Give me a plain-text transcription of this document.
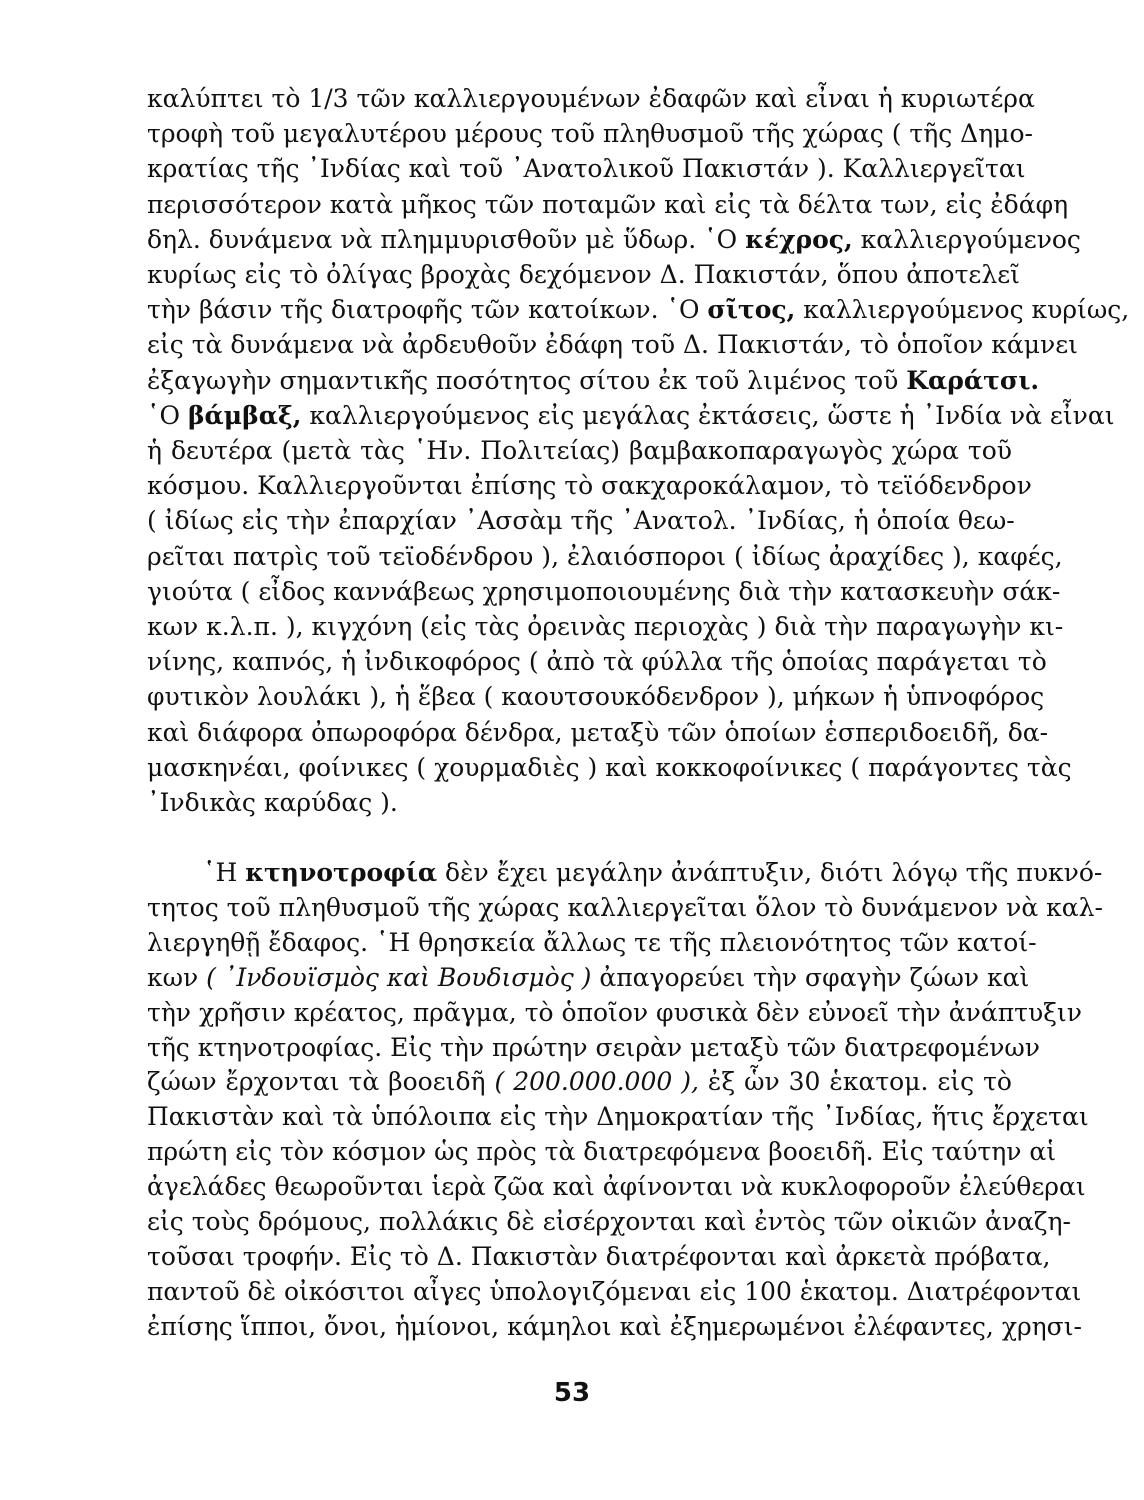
καλύπτει τὸ 1/3 τῶν καλλιεργουμένων ἐδαφῶν καὶ εἶναι ἡ κυριωτέρα
τροφὴ τοῦ μεγαλυτέρου μέρους τοῦ πληθυσμοῦ τῆς χώρας ( τῆς Δημο-
κρατίας τῆς ᾿Ινδίας καὶ τοῦ ᾿Ανατολικοῦ Πακιστάν ). Καλλιεργεῖται
περισσότερον κατὰ μῆκος τῶν ποταμῶν καὶ εἰς τὰ δέλτα των, εἰς ἐδάφη
δηλ. δυνάμενα νὰ πλημμυρισθοῦν μὲ ὕδωρ. ῾Ο κέχρος, καλλιεργούμενος
κυρίως εἰς τὸ ὀλίγας βροχὰς δεχόμενον Δ. Πακιστάν, ὅπου ἀποτελεῖ
τὴν βάσιν τῆς διατροφῆς τῶν κατοίκων. ῾Ο σῖτος, καλλιεργούμενος κυρίως,
εἰς τὰ δυνάμενα νὰ ἀρδευθοῦν ἐδάφη τοῦ Δ. Πακιστάν, τὸ ὁποῖον κάμνει
ἐξαγωγὴν σημαντικῆς ποσότητος σίτου ἐκ τοῦ λιμένος τοῦ Καράτσι.
῾Ο βάμβαξ, καλλιεργούμενος εἰς μεγάλας ἐκτάσεις, ὥστε ἡ ᾿Ινδία νὰ εἶναι
ἡ δευτέρα (μετὰ τὰς ῾Ην. Πολιτείας) βαμβακοπαραγωγὸς χώρα τοῦ
κόσμου. Καλλιεργοῦνται ἐπίσης τὸ σακχαροκάλαμον, τὸ τεϊόδενδρον
( ἰδίως εἰς τὴν ἐπαρχίαν ᾿Ασσὰμ τῆς ᾿Ανατολ. ᾿Ινδίας, ἡ ὁποία θεω-
ρεῖται πατρὶς τοῦ τεϊοδένδρου ), ἐλαιόσποροι ( ἰδίως ἀραχίδες ), καφές,
γιούτα ( εἶδος καννάβεως χρησιμοποιουμένης διὰ τὴν κατασκευὴν σάκ-
κων κ.λ.π. ), κιγχόνη (εἰς τὰς ὀρεινὰς περιοχὰς ) διὰ τὴν παραγωγὴν κι-
νίνης, καπνός, ἡ ἰνδικοφόρος ( ἀπὸ τὰ φύλλα τῆς ὁποίας παράγεται τὸ
φυτικὸν λουλάκι ), ἡ ἕβεα ( καουτσουκόδενδρον ), μήκων ἡ ὑπνοφόρος
καὶ διάφορα ὀπωροφόρα δένδρα, μεταξὺ τῶν ὁποίων ἑσπεριδοειδῆ, δα-
μασκηνέαι, φοίνικες ( χουρμαδιὲς ) καὶ κοκκοφοίνικες ( παράγοντες τὰς
᾿Ινδικὰς καρύδας ).
῾Η κτηνοτροφία δὲν ἔχει μεγάλην ἀνάπτυξιν, διότι λόγῳ τῆς πυκνό-
τητος τοῦ πληθυσμοῦ τῆς χώρας καλλιεργεῖται ὅλον τὸ δυνάμενον νὰ καλ-
λιεργηθῇ ἔδαφος. ῾Η θρησκεία ἄλλως τε τῆς πλειονότητος τῶν κατοί-
κων ( ᾿Ινδουϊσμὸς καὶ Βουδισμὸς ) ἀπαγορεύει τὴν σφαγὴν ζώων καὶ
τὴν χρῆσιν κρέατος, πρᾶγμα, τὸ ὁποῖον φυσικὰ δὲν εὐνοεῖ τὴν ἀνάπτυξιν
τῆς κτηνοτροφίας. Εἰς τὴν πρώτην σειρὰν μεταξὺ τῶν διατρεφομένων
ζώων ἔρχονται τὰ βοοειδῆ ( 200.000.000 ), ἐξ ὧν 30 ἑκατομ. εἰς τὸ
Πακιστὰν καὶ τὰ ὑπόλοιπα εἰς τὴν Δημοκρατίαν τῆς ᾿Ινδίας, ἥτις ἔρχεται
πρώτη εἰς τὸν κόσμον ὡς πρὸς τὰ διατρεφόμενα βοοειδῆ. Εἰς ταύτην αἱ
ἀγελάδες θεωροῦνται ἱερὰ ζῶα καὶ ἀφίνονται νὰ κυκλοφοροῦν ἐλεύθεραι
εἰς τοὺς δρόμους, πολλάκις δὲ εἰσέρχονται καὶ ἐντὸς τῶν οἰκιῶν ἀναζη-
τοῦσαι τροφήν. Εἰς τὸ Δ. Πακιστὰν διατρέφονται καὶ ἀρκετὰ πρόβατα,
παντοῦ δὲ οἰκόσιτοι αἶγες ὑπολογιζόμεναι εἰς 100 ἑκατομ. Διατρέφονται
ἐπίσης ἵπποι, ὄνοι, ἡμίονοι, κάμηλοι καὶ ἐξημερωμένοι ἐλέφαντες, χρησι-
53
